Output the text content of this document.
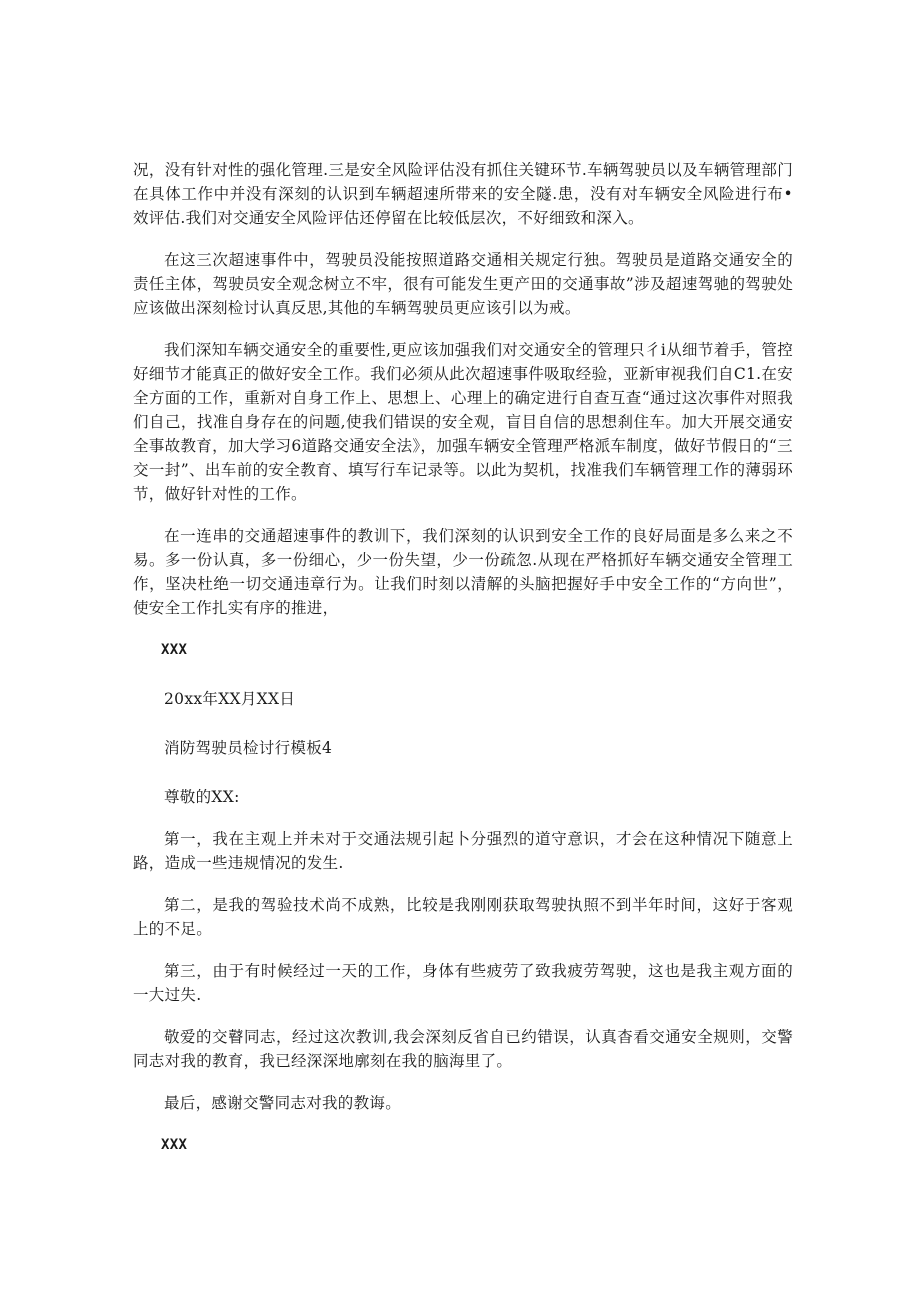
况，没有针对性的强化管理.三是安全风险评估没有抓住关键环节.车辆驾驶员以及车辆管理部门在具体工作中并没有深刻的认识到车辆超速所带来的安全隧.患，没有对车辆安全风险进行布•效评估.我们对交通安全风险评估还停留在比较低层次，不好细致和深入。

在这三次超速事件中，驾驶员没能按照道路交通相关规定行独。驾驶员是道路交通安全的责任主体，驾驶员安全观念树立不牢，很有可能发生更产田的交通事故”涉及超速驾驰的驾驶处应该做出深刻检讨认真反思,其他的车辆驾驶员更应该引以为戒。

我们深知车辆交通安全的重要性,更应该加强我们对交通安全的管理只彳i从细节着手，管控好细节才能真正的做好安全工作。我们必须从此次超速事件吸取经验，亚新审视我们自C1.在安全方面的工作，重新对自身工作上、思想上、心理上的确定进行自查互查“通过这次事件对照我们自己，找准自身存在的问题,使我们错误的安全观，盲目自信的思想刹住车。加大开展交通安全事故教育，加大学习6道路交通安全法》，加强车辆安全管理严格派车制度，做好节假日的“三交一封”、出车前的安全教育、填写行车记录等。以此为契机，找准我们车辆管理工作的薄弱环节，做好针对性的工作。

在一连串的交通超速事件的教训下，我们深刻的认识到安全工作的良好局面是多么来之不易。多一份认真，多一份细心，少一份失望，少一份疏忽.从现在严格抓好车辆交通安全管理工作，坚决杜绝一切交通违章行为。让我们时刻以清解的头脑把握好手中安全工作的“方向世”，使安全工作扎实有序的推进，

XXX

20xx年XX月XX日

消防驾驶员检讨行模板4

尊敬的XX:

第一，我在主观上并未对于交通法规引起卜分强烈的道守意识，才会在这种情况下随意上路，造成一些违规情况的发生.

第二，是我的驾验技术尚不成熟，比较是我刚刚获取驾驶执照不到半年时间，这好于客观上的不足。

第三，由于有时候经过一天的工作，身体有些疲劳了致我疲劳驾驶，这也是我主观方面的一大过失.

敬爱的交瞽同志，经过这次教训,我会深刻反省自已约错误，认真杳看交通安全规则，交警同志对我的教育，我已经深深地廓刻在我的脑海里了。

最后，感谢交警同志对我的教诲。

XXX
